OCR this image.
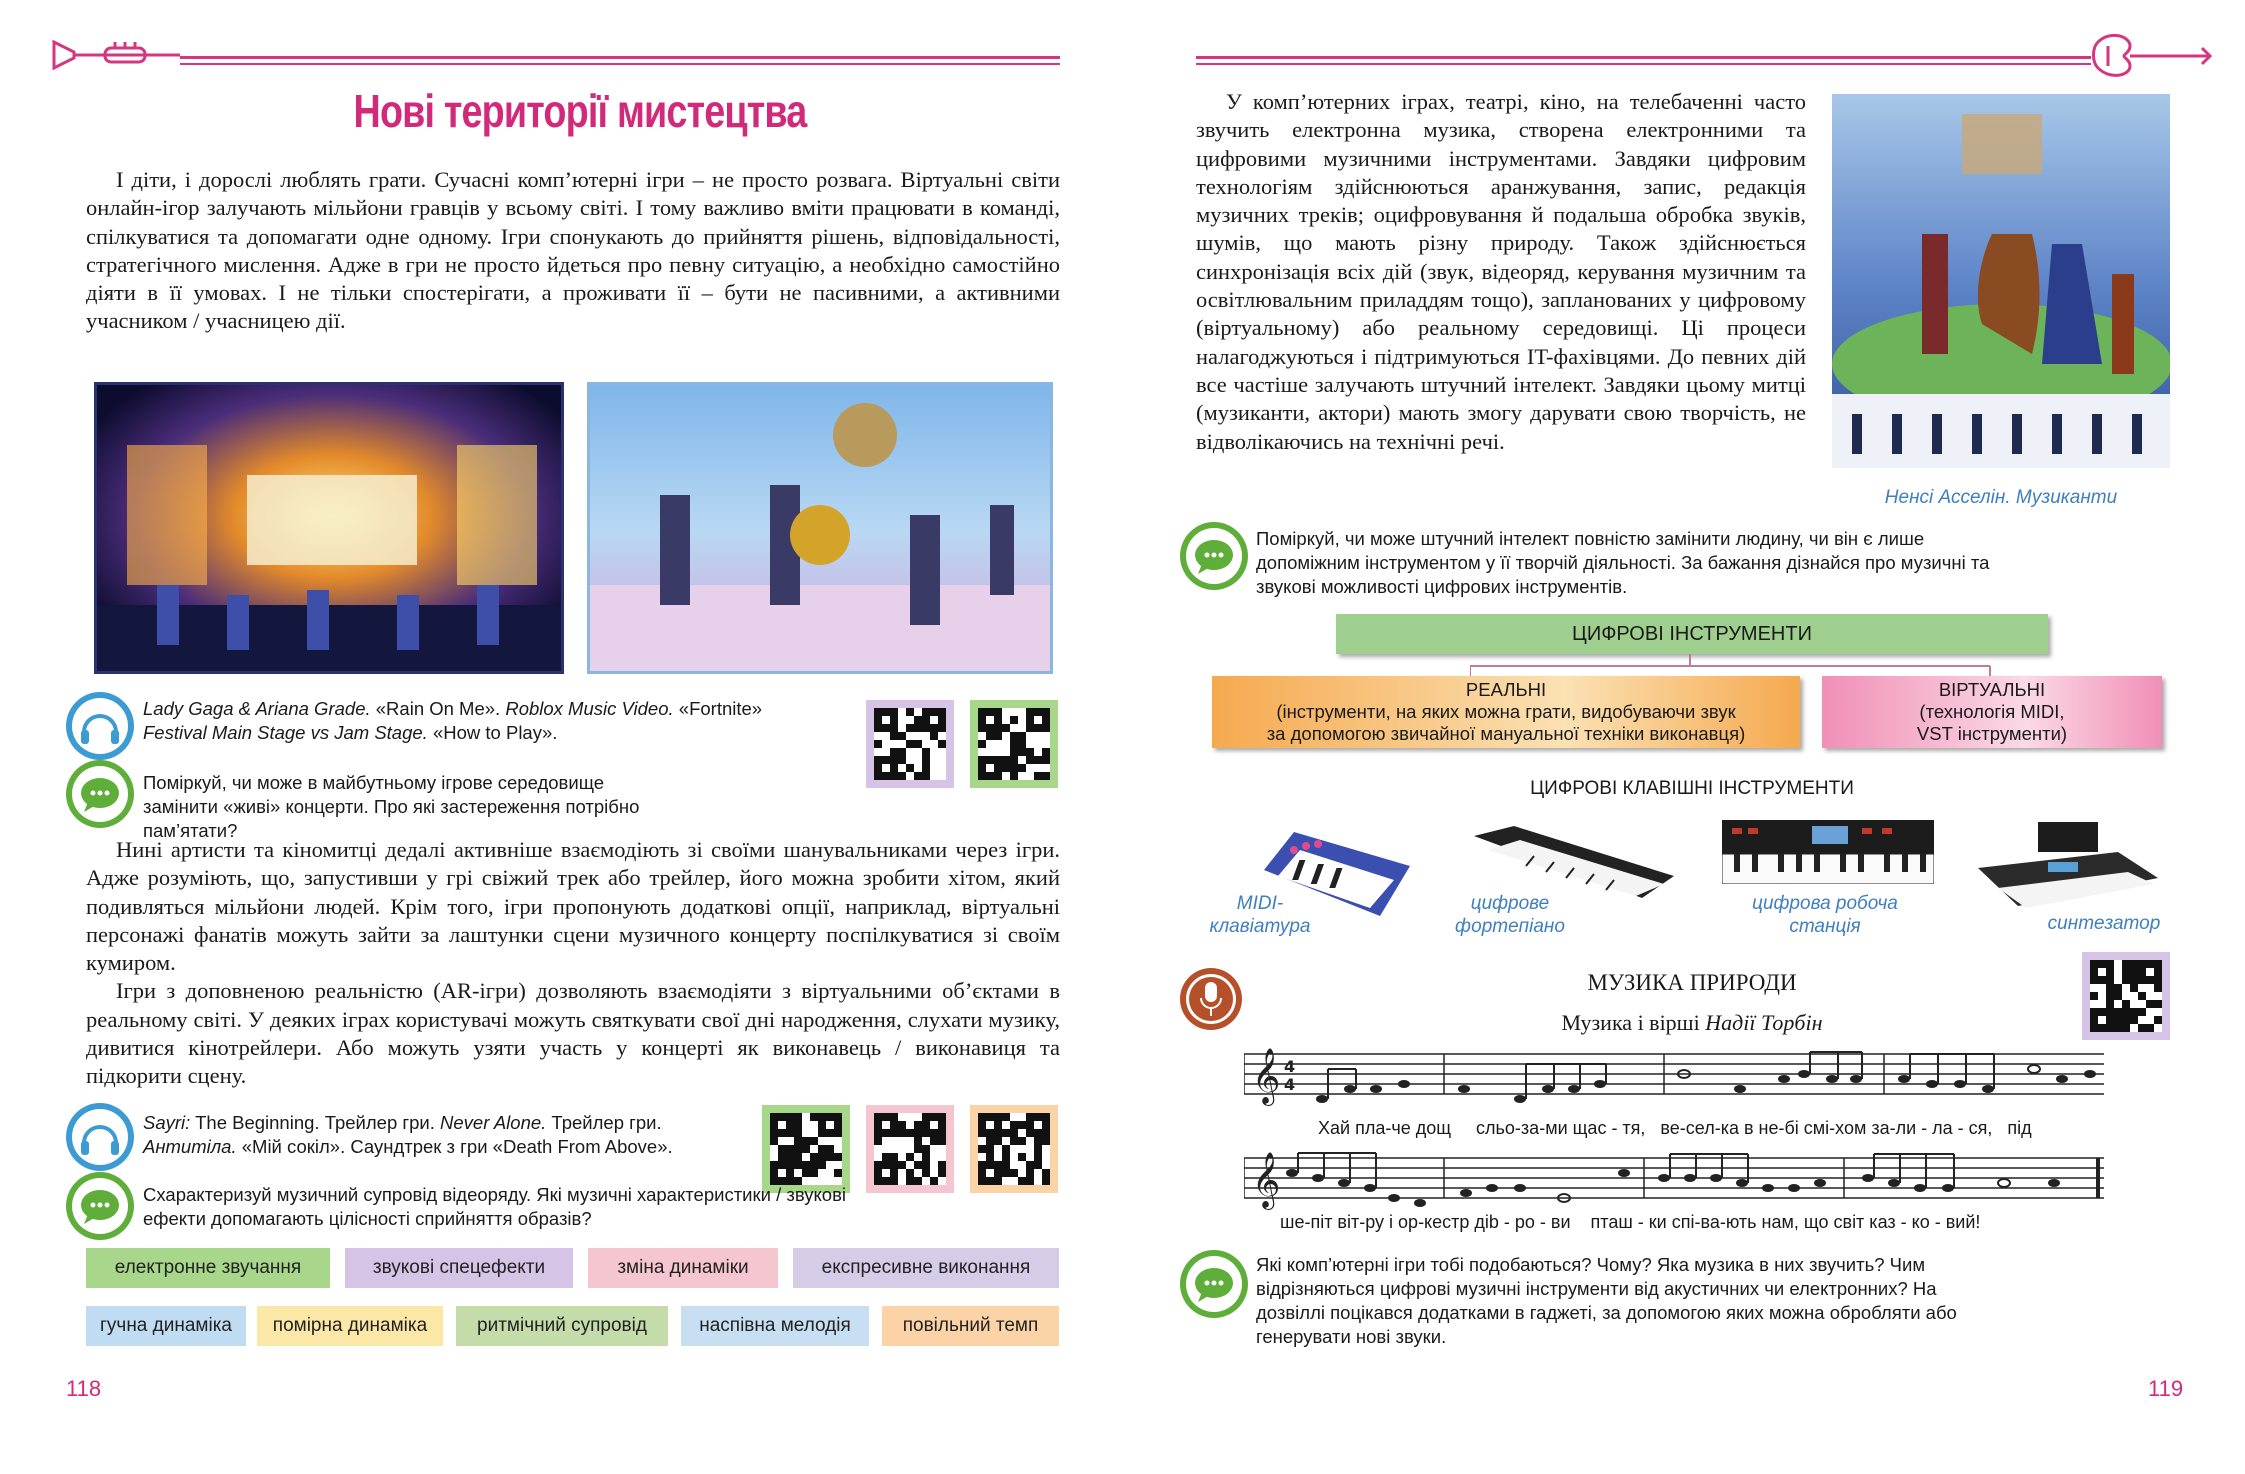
Нові території мистецтва

І діти, і дорослі люблять грати. Сучасні комп’ютерні ігри – не просто розвага. Віртуальні світи онлайн-ігор залучають мільйони гравців у всьому світі. І тому важливо вміти працювати в команді, спілкуватися та допомагати одне одному. Ігри спонукають до прийняття рішень, відповідальності, стратегічного мислення. Адже в гри не просто йдеться про певну ситуацію, а необхідно самостійно діяти в її умовах. І не тільки спостерігати, а проживати її – бути не пасивними, а активними учасником / учасницею дії.

Lady Gaga & Ariana Grade. «Rain On Me». Roblox Music Video. «Fortnite»
Festival Main Stage vs Jam Stage. «How to Play».
Поміркуй, чи може в майбутньому ігрове середовище замінити «живі» концерти. Про які застереження потрібно пам’ятати?

Нині артисти та кіномитці дедалі активніше взаємодіють зі своїми шанувальниками через ігри. Адже розуміють, що, запустивши у грі свіжий трек або трейлер, його можна зробити хітом, який подивляться мільйони людей. Крім того, ігри пропонують додаткові опції, наприклад, віртуальні персонажі фанатів можуть зайти за лаштунки сцени музичного концерту поспілкуватися зі своїм кумиром.

Ігри з доповненою реальністю (AR-ігри) дозволяють взаємодіяти з віртуальними об’єктами в реальному світі. У деяких іграх користувачі можуть святкувати свої дні народження, слухати музику, дивитися кінотрейлери. Або можуть узяти участь у концерті як виконавець / виконавиця та підкорити сцену.

Sayri: The Beginning. Трейлер гри. Never Alone. Трейлер гри.
Антитіла. «Мій сокіл». Саундтрек з гри «Death From Above».
Схарактеризуй музичний супровід відеоряду. Які музичні характеристики / звукові ефекти допомагають цілісності сприйняття образів?
електронне звучання	звукові спецефекти	зміна динаміки	експресивне виконання
гучна динаміка	помірна динаміка	ритмічний супровід	наспівна мелодія	повільний темп
118

У комп’ютерних іграх, театрі, кіно, на телебаченні часто звучить електронна музика, створена електронними та цифровими музичними інструментами. Завдяки цифровим технологіям здійснюються аранжування, запис, редакція музичних треків; оцифровування й подальша обробка звуків, шумів, що мають різну природу. Також здійснюється синхронізація всіх дій (звук, відеоряд, керування музичним та освітлювальним приладдям тощо), запланованих у цифровому (віртуальному) або реальному середовищі. Ці процеси налагоджуються і підтримуються IT-фахівцями. До певних дій все частіше залучають штучний інтелект. Завдяки цьому митці (музиканти, актори) мають змогу дарувати свою творчість, не відволікаючись на технічні речі.

Ненсі Асселін. Музиканти
Поміркуй, чи може штучний інтелект повністю замінити людину, чи він є лише допоміжним інструментом у її творчій діяльності. За бажання дізнайся про музичні та звукові можливості цифрових інструментів.
ЦИФРОВІ ІНСТРУМЕНТИ
РЕАЛЬНІ
(інструменти, на яких можна грати, видобуваючи звук
за допомогою звичайної мануальної техніки виконавця)
ВІРТУАЛЬНІ
(технологія MIDI,
VST інструменти)
ЦИФРОВІ КЛАВІШНІ ІНСТРУМЕНТИ
MIDI-
клавіатура
цифрове
фортепіано
цифрова робоча
станція	синтезатор
МУЗИКА ПРИРОДИ
Музика і вірші Надії Торбін
𝄞 4
4
Хай пла-че дощ     сльо-за-ми щас - тя,   ве-сел-ка в не-бі смі-хом за-ли - ла - ся,   під
𝄞
ше-піт віт-ру і ор-кестр дib - ро - ви    пташ - ки спі-ва-ють нам, що світ каз - ко - вий!
Які комп’ютерні ігри тобі подобаються? Чому? Яка музика в них звучить? Чим відрізняються цифрові музичні інструменти від акустичних чи електронних? На дозвіллі поцікався додатками в гаджеті, за допомогою яких можна обробляти або генерувати нові звуки.
119
